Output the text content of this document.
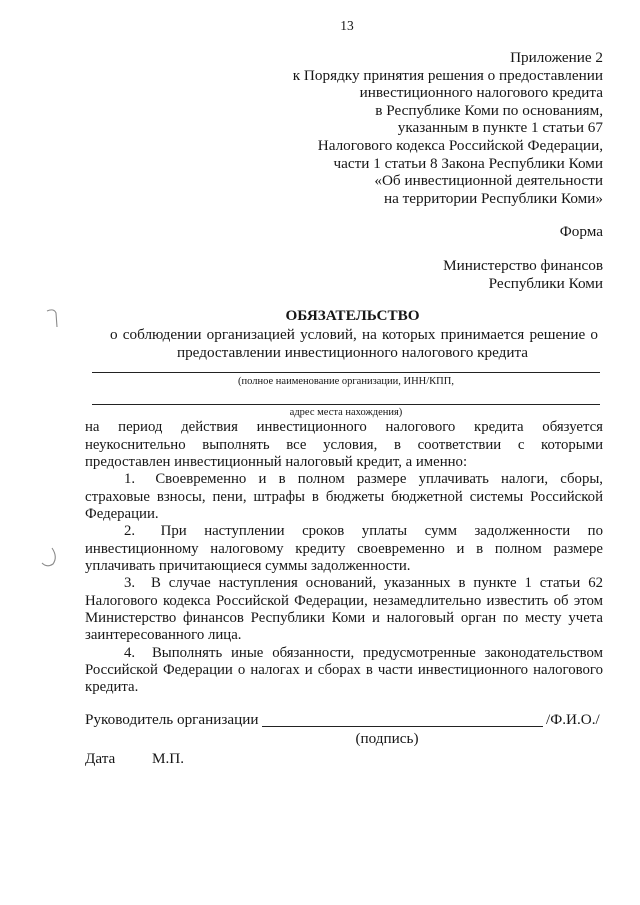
13
Приложение 2
к Порядку принятия решения о предоставлении
инвестиционного налогового кредита
в Республике Коми по основаниям,
указанным в пункте 1 статьи 67
Налогового кодекса Российской Федерации,
части 1 статьи 8 Закона Республики Коми
«Об инвестиционной деятельности
на территории Республики Коми»
Форма
Министерство финансов
Республики Коми
ОБЯЗАТЕЛЬСТВО
о соблюдении организацией условий, на которых принимается решение о
предоставлении инвестиционного налогового кредита
(полное наименование организации, ИНН/КПП,
адрес места нахождения)
на период действия инвестиционного налогового кредита обязуется
неукоснительно выполнять все условия, в соответствии с которыми
предоставлен инвестиционный налоговый кредит, а именно:
1. Своевременно и в полном размере уплачивать налоги, сборы,
страховые взносы, пени, штрафы в бюджеты бюджетной системы Российской
Федерации.
2. При наступлении сроков уплаты сумм задолженности по
инвестиционному налоговому кредиту своевременно и в полном размере
уплачивать причитающиеся суммы задолженности.
3. В случае наступления оснований, указанных в пункте 1 статьи 62
Налогового кодекса Российской Федерации, незамедлительно известить об этом
Министерство финансов Республики Коми и налоговый орган по месту учета
заинтересованного лица.
4. Выполнять иные обязанности, предусмотренные законодательством
Российской Федерации о налогах и сборах в части инвестиционного налогового
кредита.
Руководитель организации	/Ф.И.О./
(подпись)
Дата М.П.
